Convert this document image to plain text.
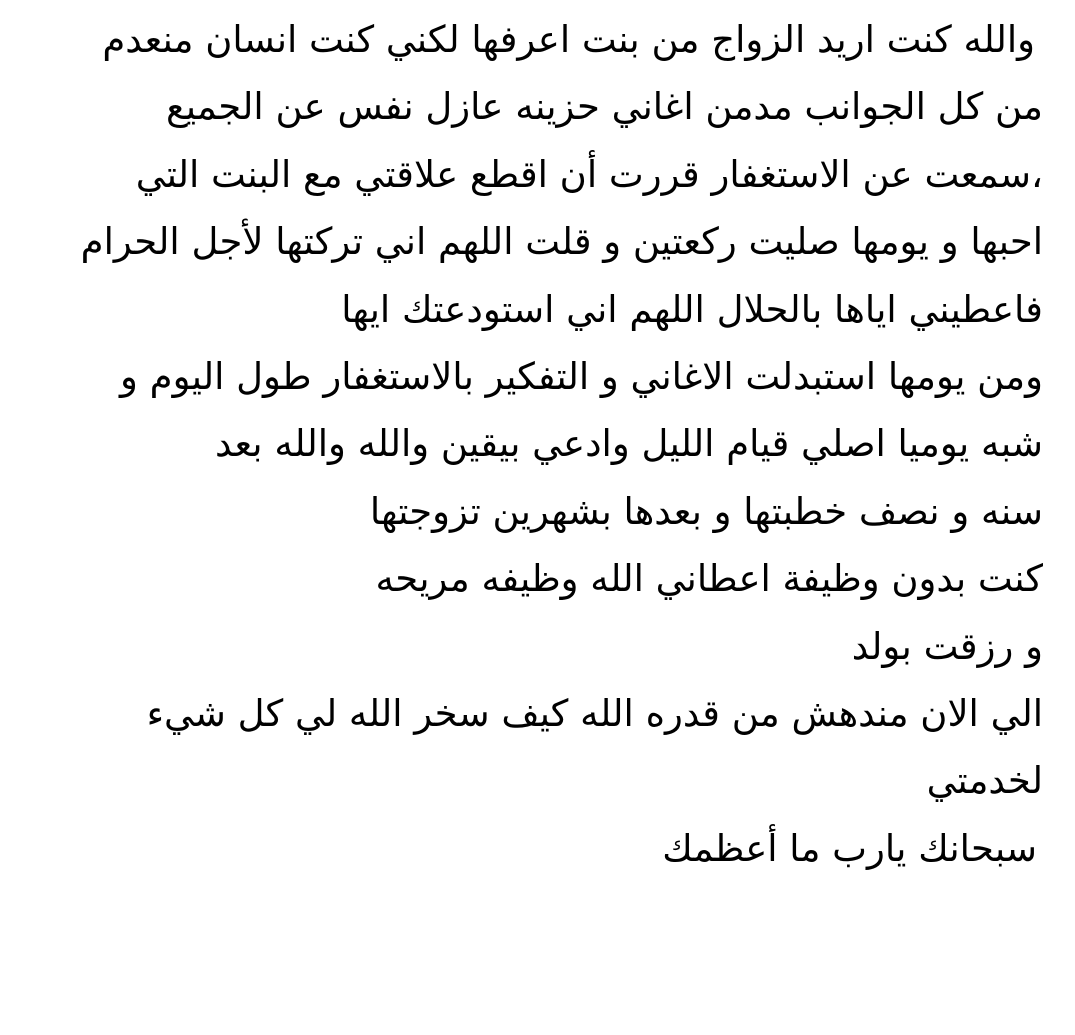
والله كنت اريد الزواج من بنت اعرفها لكني كنت انسان منعدم
من كل الجوانب مدمن اغاني حزينه عازل نفس عن الجميع
،سمعت عن الاستغفار قررت أن اقطع علاقتي مع البنت التي
احبها و يومها صليت ركعتين و قلت اللهم اني تركتها لأجل الحرام
فاعطيني اياها بالحلال اللهم اني استودعتك ايها
ومن يومها استبدلت الاغاني و التفكير بالاستغفار طول اليوم و
شبه يوميا اصلي قيام الليل وادعي بيقين والله والله بعد
سنه و نصف خطبتها و بعدها بشهرين تزوجتها
كنت بدون وظيفة اعطاني الله وظيفه مريحه
و رزقت بولد
الي الان مندهش من قدره الله كيف سخر الله لي كل شيء
لخدمتي
سبحانك يارب ما أعظمك
